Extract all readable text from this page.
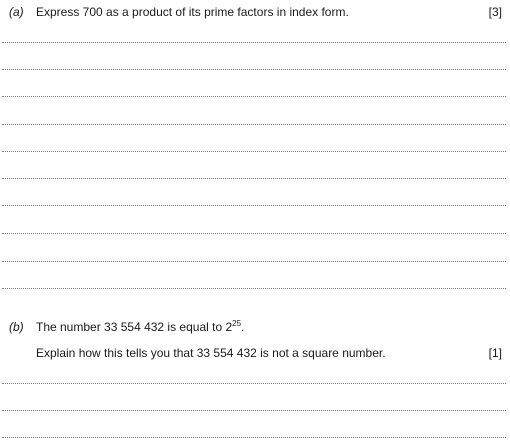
(a) Express 700 as a product of its prime factors in index form.	[3]
(b) The number 33 554 432 is equal to $2^{25}$.
Explain how this tells you that 33 554 432 is not a square number.	[1]
